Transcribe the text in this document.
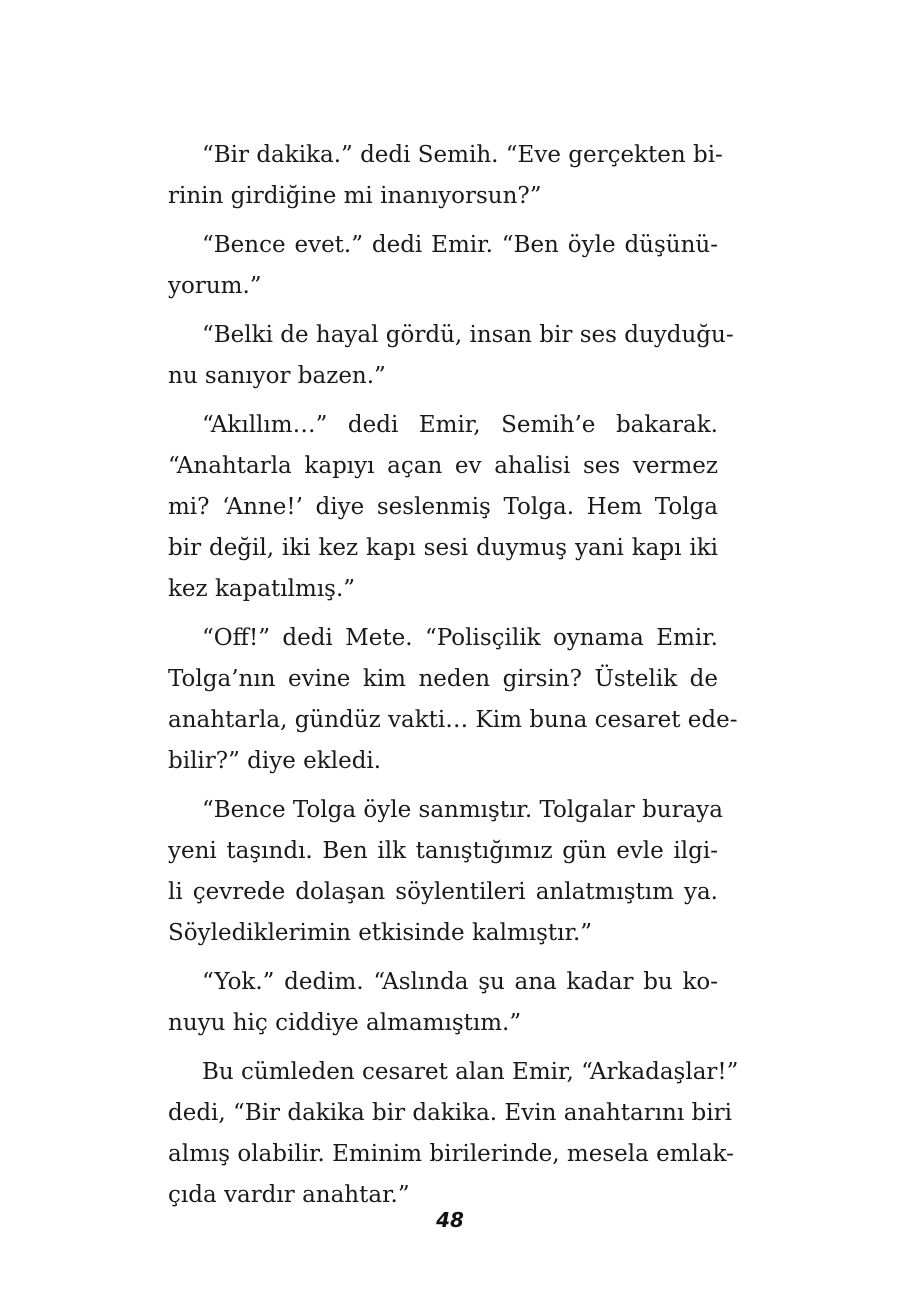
“Bir dakika.” dedi Semih. “Eve gerçekten bi-
rinin girdiğine mi inanıyorsun?”

“Bence evet.” dedi Emir. “Ben öyle düşünü-
yorum.”

“Belki de hayal gördü, insan bir ses duyduğu-
nu sanıyor bazen.”

“Akıllım…” dedi Emir, Semih’e bakarak.
“Anahtarla kapıyı açan ev ahalisi ses vermez
mi? ‘Anne!’ diye seslenmiş Tolga. Hem Tolga
bir değil, iki kez kapı sesi duymuş yani kapı iki
kez kapatılmış.”

“Off!” dedi Mete. “Polisçilik oynama Emir.
Tolga’nın evine kim neden girsin? Üstelik de
anahtarla, gündüz vakti… Kim buna cesaret ede-
bilir?” diye ekledi.

“Bence Tolga öyle sanmıştır. Tolgalar buraya
yeni taşındı. Ben ilk tanıştığımız gün evle ilgi-
li çevrede dolaşan söylentileri anlatmıştım ya.
Söylediklerimin etkisinde kalmıştır.”

“Yok.” dedim. “Aslında şu ana kadar bu ko-
nuyu hiç ciddiye almamıştım.”

Bu cümleden cesaret alan Emir, “Arkadaşlar!”
dedi, “Bir dakika bir dakika. Evin anahtarını biri
almış olabilir. Eminim birilerinde, mesela emlak-
çıda vardır anahtar.”

48
